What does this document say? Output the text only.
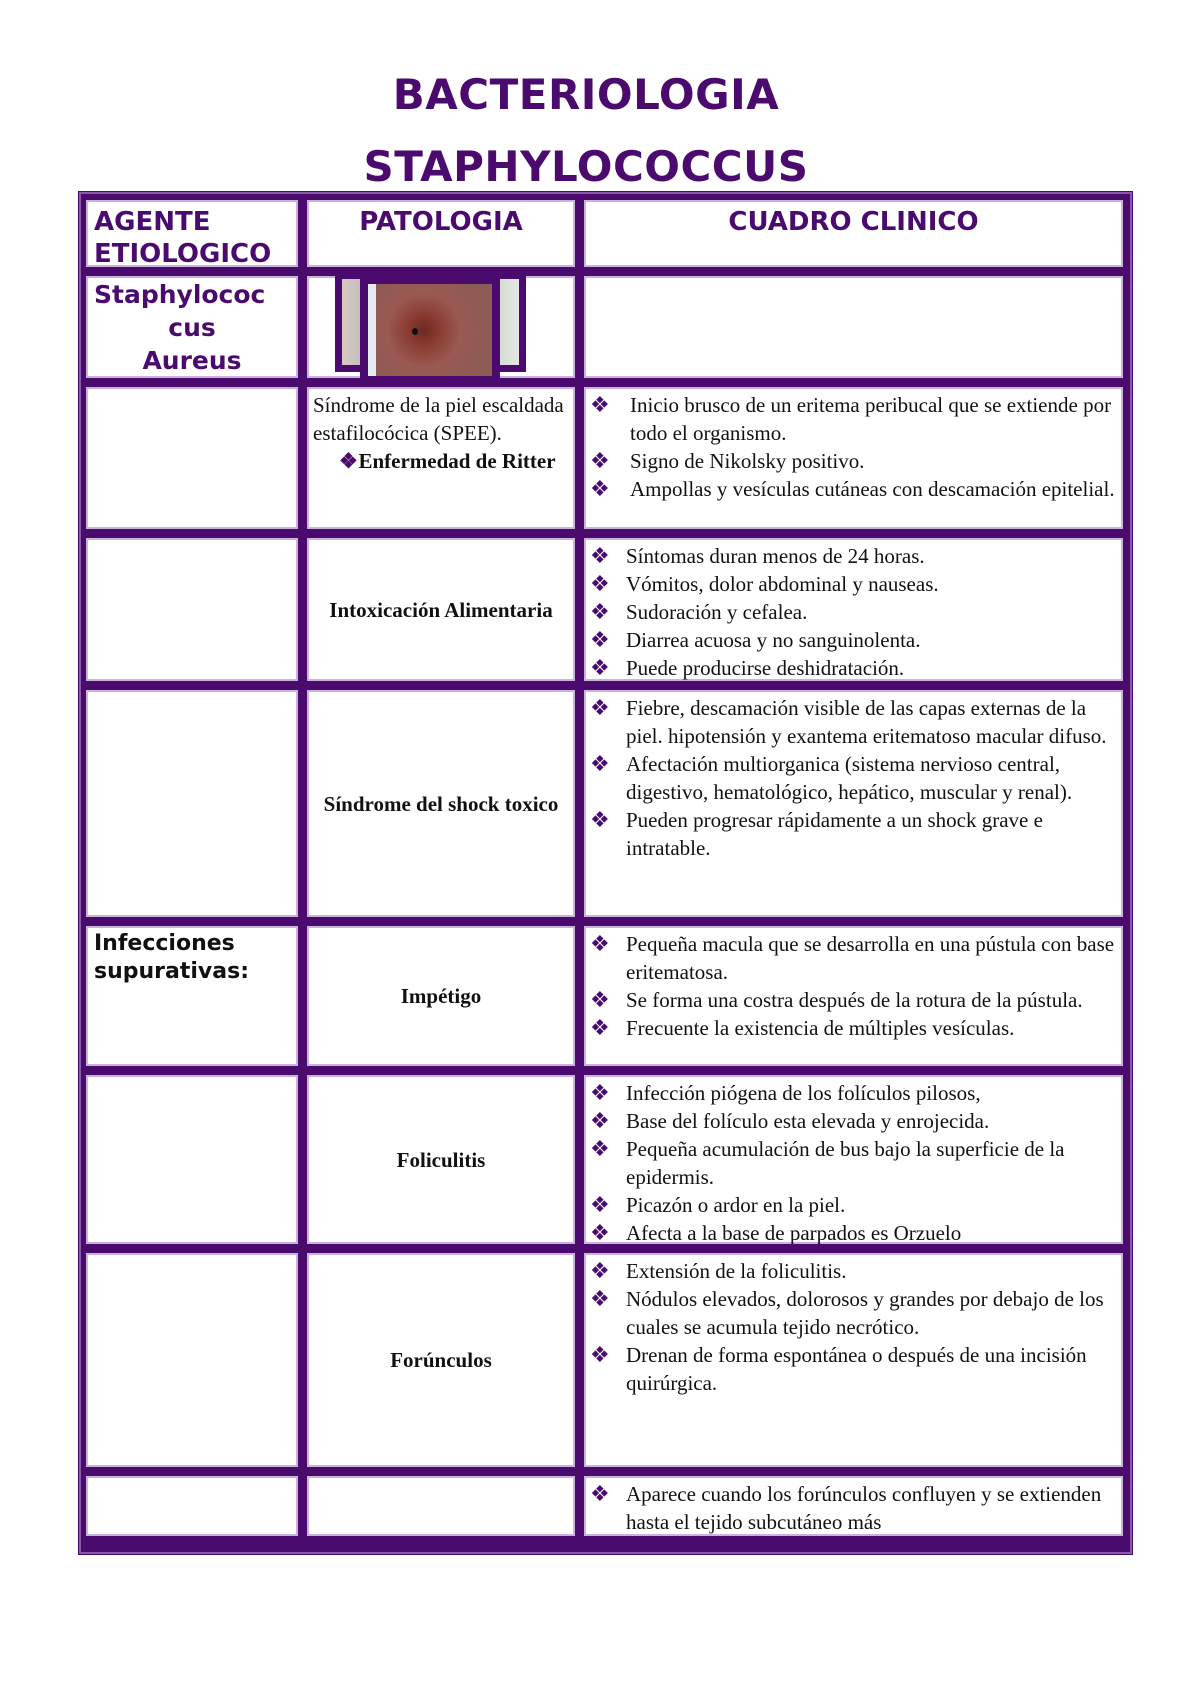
BACTERIOLOGIA
STAPHYLOCOCCUS
AGENTE ETIOLOGICO
PATOLOGIA	CUADRO CLINICO
Staphylococ
cus
Aureus
Síndrome de la piel escaldada estafilocócica (SPEE).
❖ Enfermedad de Ritter
❖ Inicio brusco de un eritema peribucal que se extiende por todo el organismo.
❖ Signo de Nikolsky positivo.
❖ Ampollas y vesículas cutáneas con descamación epitelial.
Intoxicación Alimentaria
❖ Síntomas duran menos de 24 horas.
❖ Vómitos, dolor abdominal y nauseas.
❖ Sudoración y cefalea.
❖ Diarrea acuosa y no sanguinolenta.
❖ Puede producirse deshidratación.
Síndrome del shock toxico
❖ Fiebre, descamación visible de las capas externas de la piel. hipotensión y exantema eritematoso macular difuso.
❖ Afectación multiorganica (sistema nervioso central, digestivo, hematológico, hepático, muscular y renal).
❖ Pueden progresar rápidamente a un shock grave e intratable.
Infecciones supurativas:
Impétigo
❖ Pequeña macula que se desarrolla en una pústula con base eritematosa.
❖ Se forma una costra después de la rotura de la pústula.
❖ Frecuente la existencia de múltiples vesículas.
Foliculitis
❖ Infección piógena de los folículos pilosos,
❖ Base del folículo esta elevada y enrojecida.
❖ Pequeña acumulación de bus bajo la superficie de la epidermis.
❖ Picazón o ardor en la piel.
❖ Afecta a la base de parpados es Orzuelo
Forúnculos
❖ Extensión de la foliculitis.
❖ Nódulos elevados, dolorosos y grandes por debajo de los cuales se acumula tejido necrótico.
❖ Drenan de forma espontánea o después de una incisión quirúrgica.
❖ Aparece cuando los forúnculos confluyen y se extienden hasta el tejido subcutáneo más
